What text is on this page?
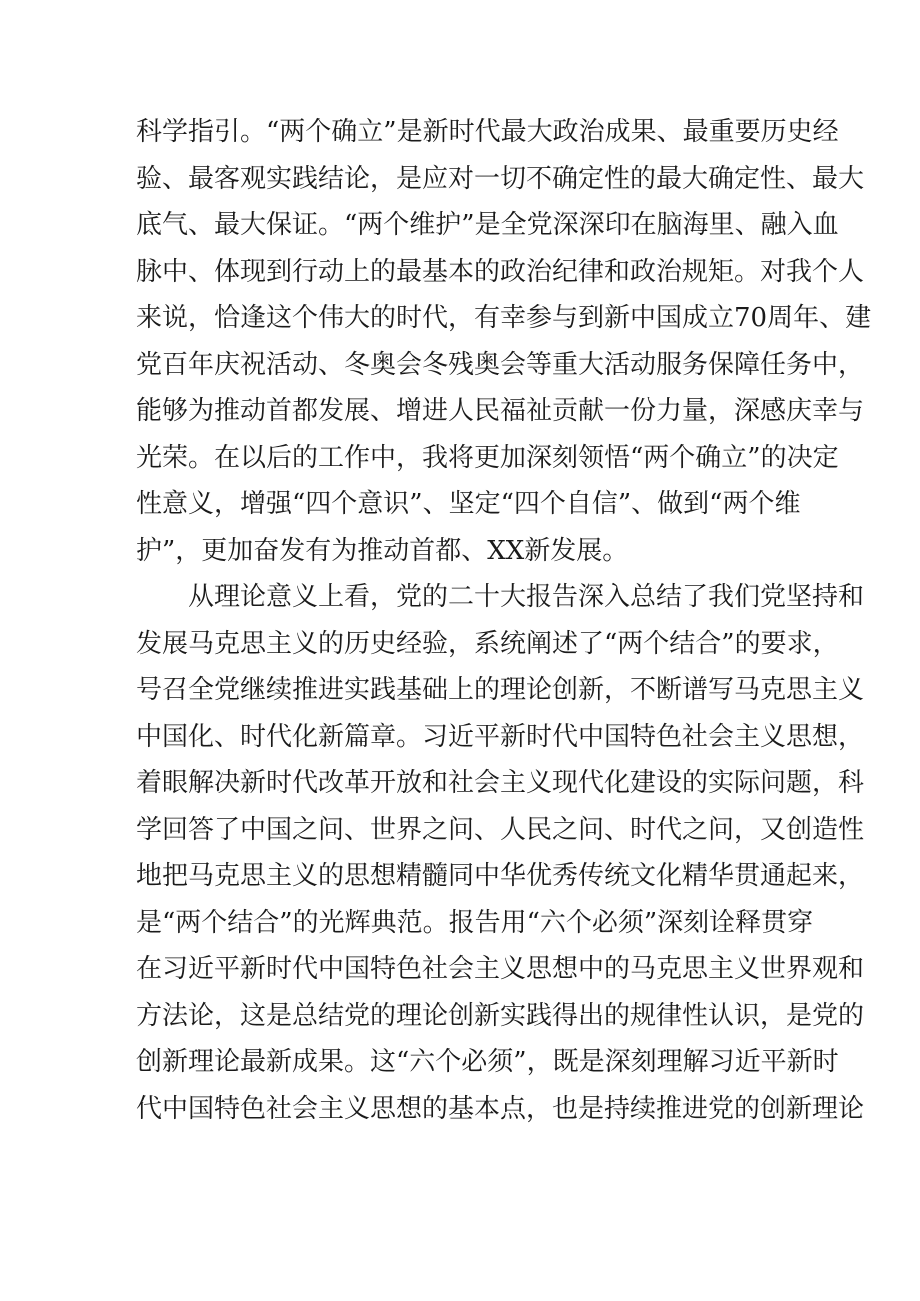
科学指引。“两个确立”是新时代最大政治成果、最重要历史经
验、最客观实践结论，是应对一切不确定性的最大确定性、最大
底气、最大保证。“两个维护”是全党深深印在脑海里、融入血
脉中、体现到行动上的最基本的政治纪律和政治规矩。对我个人
来说，恰逢这个伟大的时代，有幸参与到新中国成立70周年、建
党百年庆祝活动、冬奥会冬残奥会等重大活动服务保障任务中，
能够为推动首都发展、增进人民福祉贡献一份力量，深感庆幸与
光荣。在以后的工作中，我将更加深刻领悟“两个确立”的决定
性意义，增强“四个意识”、坚定“四个自信”、做到“两个维
护”，更加奋发有为推动首都、XX新发展。
从理论意义上看，党的二十大报告深入总结了我们党坚持和
发展马克思主义的历史经验，系统阐述了“两个结合”的要求，
号召全党继续推进实践基础上的理论创新，不断谱写马克思主义
中国化、时代化新篇章。习近平新时代中国特色社会主义思想，
着眼解决新时代改革开放和社会主义现代化建设的实际问题，科
学回答了中国之问、世界之问、人民之问、时代之问，又创造性
地把马克思主义的思想精髓同中华优秀传统文化精华贯通起来，
是“两个结合”的光辉典范。报告用“六个必须”深刻诠释贯穿
在习近平新时代中国特色社会主义思想中的马克思主义世界观和
方法论，这是总结党的理论创新实践得出的规律性认识，是党的
创新理论最新成果。这“六个必须”，既是深刻理解习近平新时
代中国特色社会主义思想的基本点，也是持续推进党的创新理论
